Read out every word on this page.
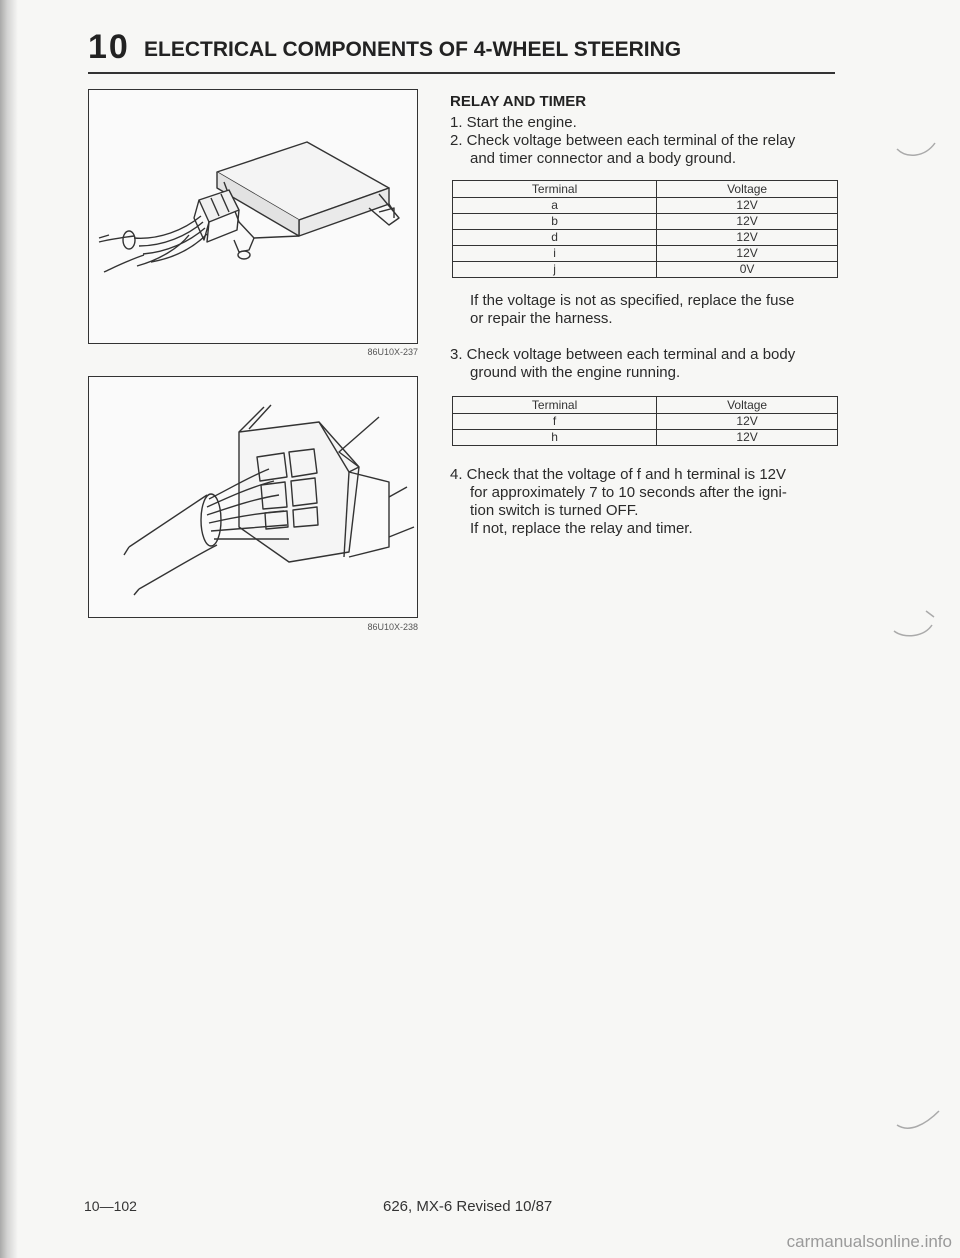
10 ELECTRICAL COMPONENTS OF 4-WHEEL STEERING
86U10X-237
86U10X-238
RELAY AND TIMER
1. Start the engine.
2. Check voltage between each terminal of the relay
and timer connector and a body ground.
Terminal	Voltage
a	12V
b	12V
d	12V
i	12V
j	0V
If the voltage is not as specified, replace the fuse
or repair the harness.
3. Check voltage between each terminal and a body
ground with the engine running.
Terminal	Voltage
f	12V
h	12V
4. Check that the voltage of f and h terminal is 12V
for approximately 7 to 10 seconds after the igni-
tion switch is turned OFF.
If not, replace the relay and timer.
10—102	626, MX-6 Revised 10/87
carmanualsonline.info
